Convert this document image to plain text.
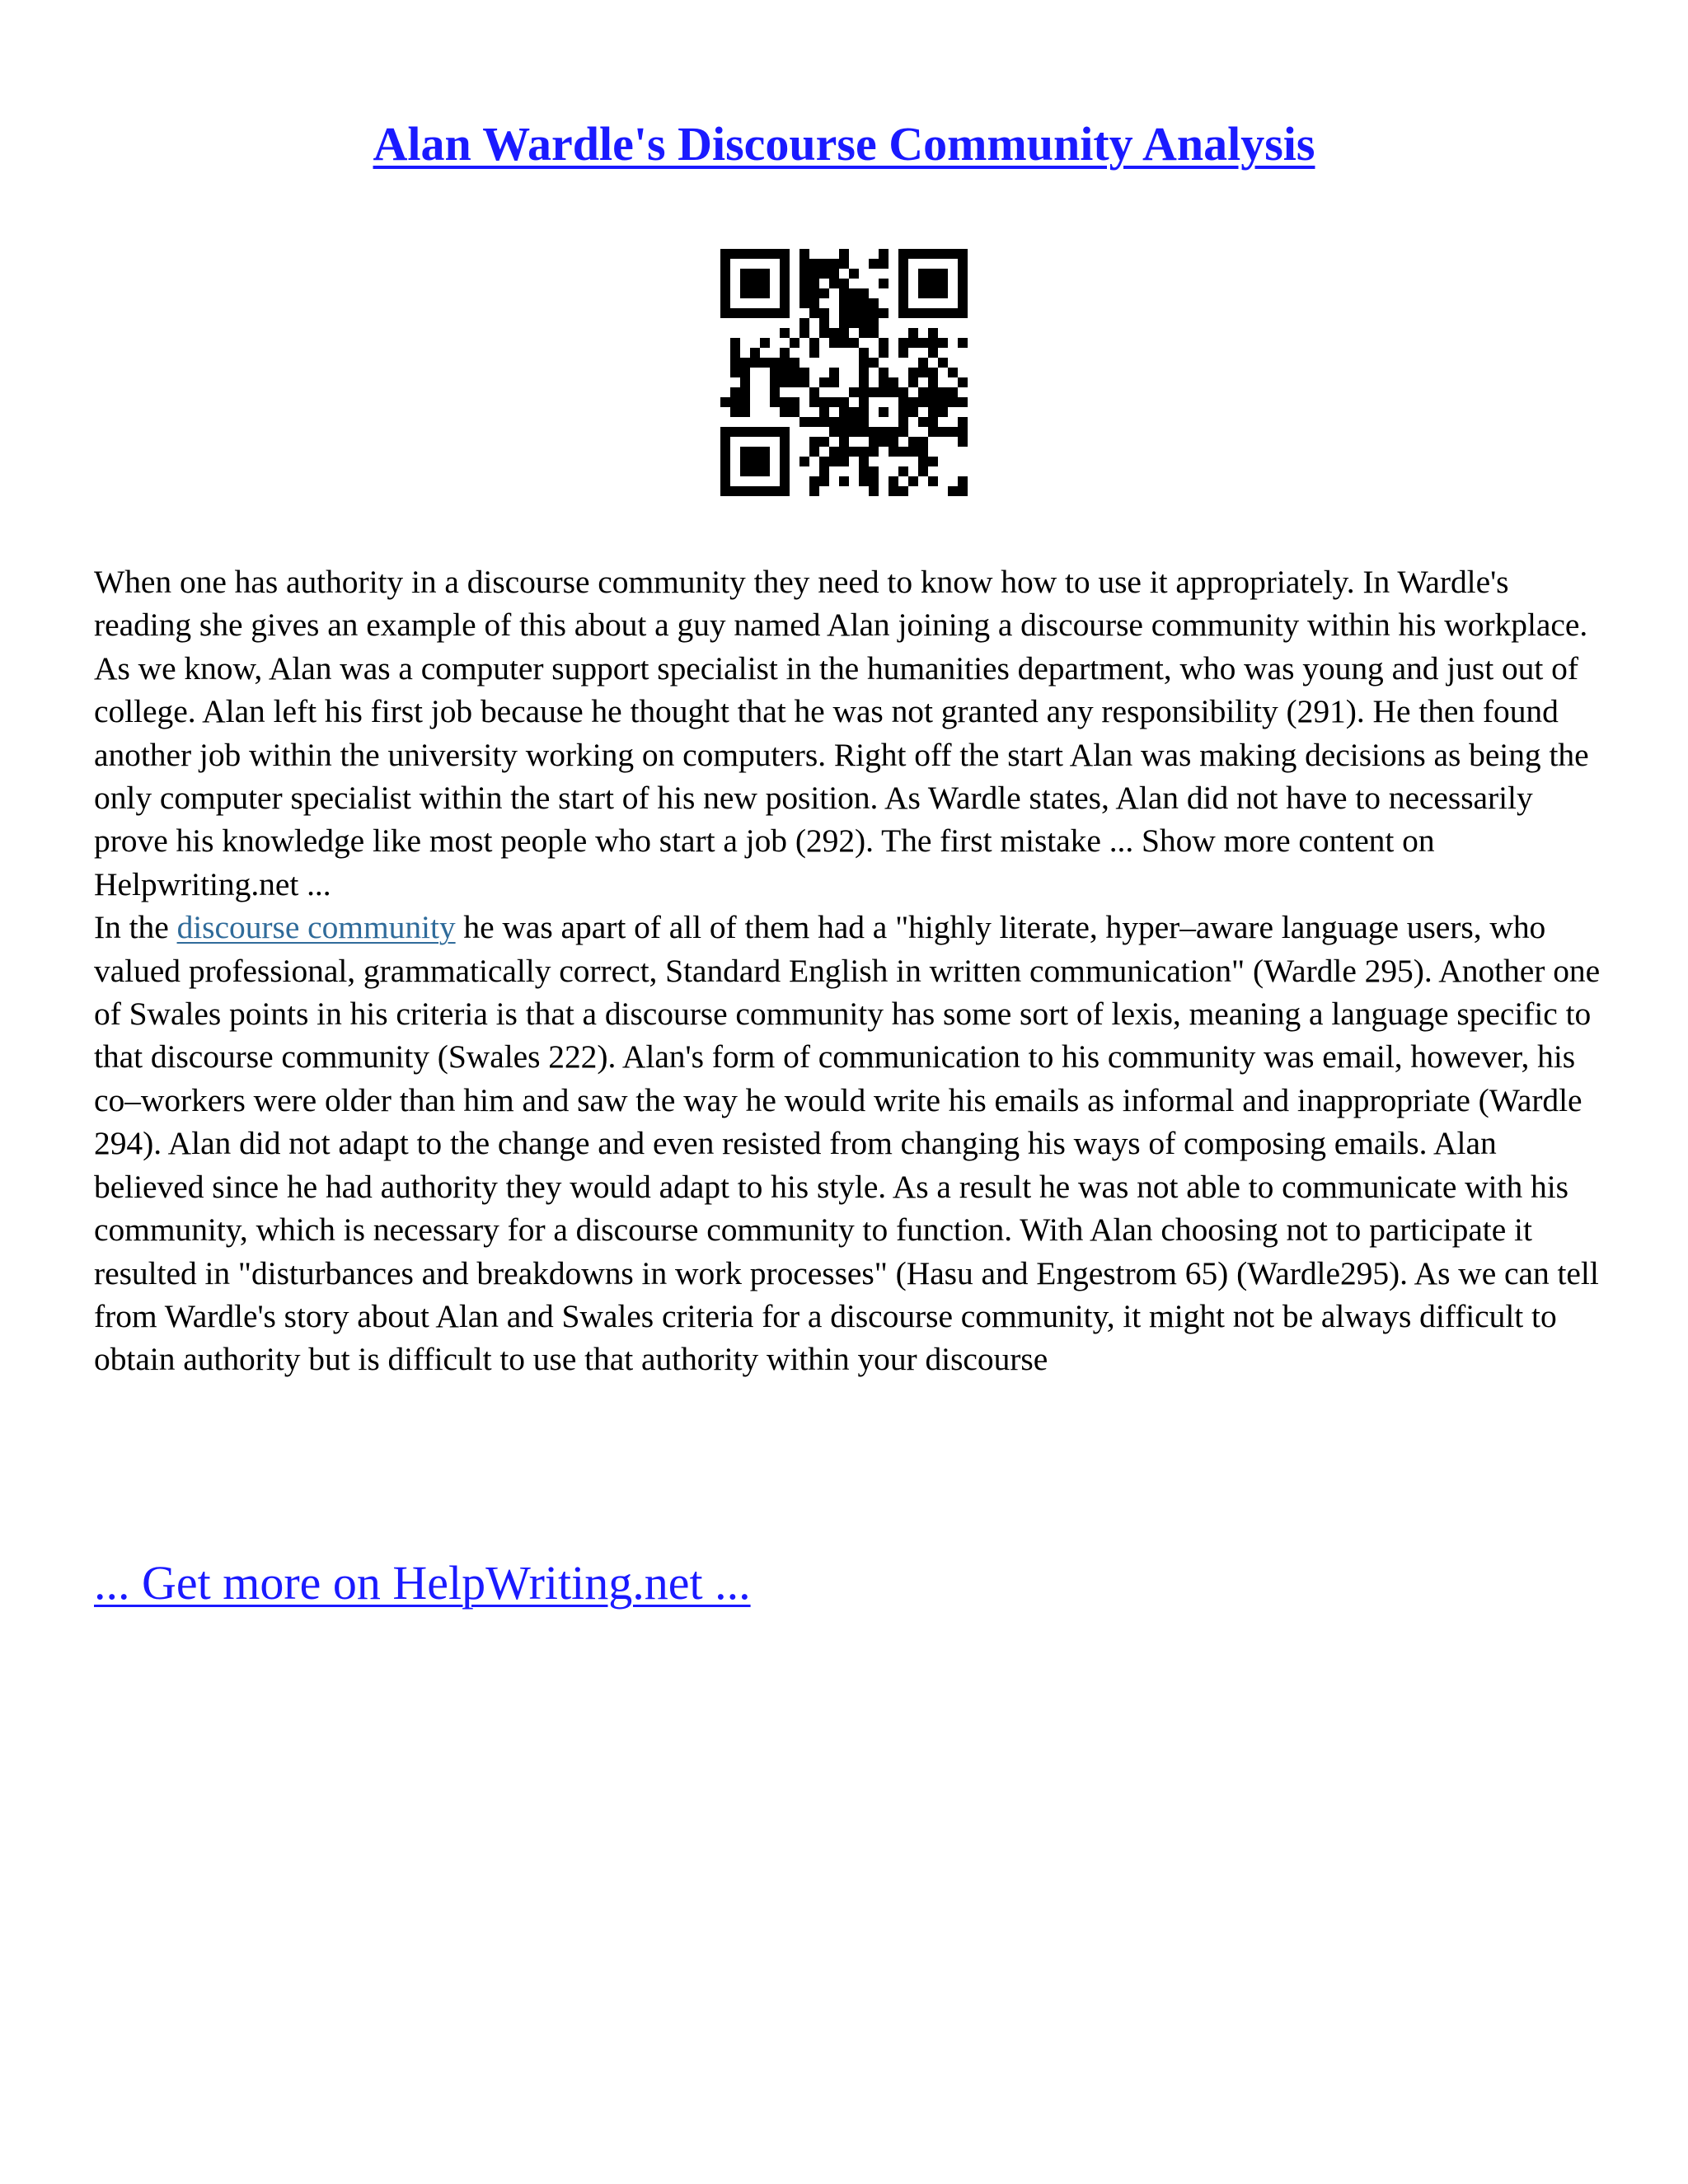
Alan Wardle's Discourse Community Analysis

When one has authority in a discourse community they need to know how to use it appropriately. In Wardle's reading she gives an example of this about a guy named Alan joining a discourse community within his workplace. As we know, Alan was a computer support specialist in the humanities department, who was young and just out of college. Alan left his first job because he thought that he was not granted any responsibility (291). He then found another job within the university working on computers. Right off the start Alan was making decisions as being the only computer specialist within the start of his new position. As Wardle states, Alan did not have to necessarily prove his knowledge like most people who start a job (292). The first mistake ... Show more content on Helpwriting.net ...

In the discourse community he was apart of all of them had a "highly literate, hyper–aware language users, who valued professional, grammatically correct, Standard English in written communication" (Wardle 295). Another one of Swales points in his criteria is that a discourse community has some sort of lexis, meaning a language specific to that discourse community (Swales 222). Alan's form of communication to his community was email, however, his co–workers were older than him and saw the way he would write his emails as informal and inappropriate (Wardle 294). Alan did not adapt to the change and even resisted from changing his ways of composing emails. Alan believed since he had authority they would adapt to his style. As a result he was not able to communicate with his community, which is necessary for a discourse community to function. With Alan choosing not to participate it resulted in "disturbances and breakdowns in work processes" (Hasu and Engestrom 65) (Wardle295). As we can tell from Wardle's story about Alan and Swales criteria for a discourse community, it might not be always difficult to obtain authority but is difficult to use that authority within your discourse

... Get more on HelpWriting.net ...
